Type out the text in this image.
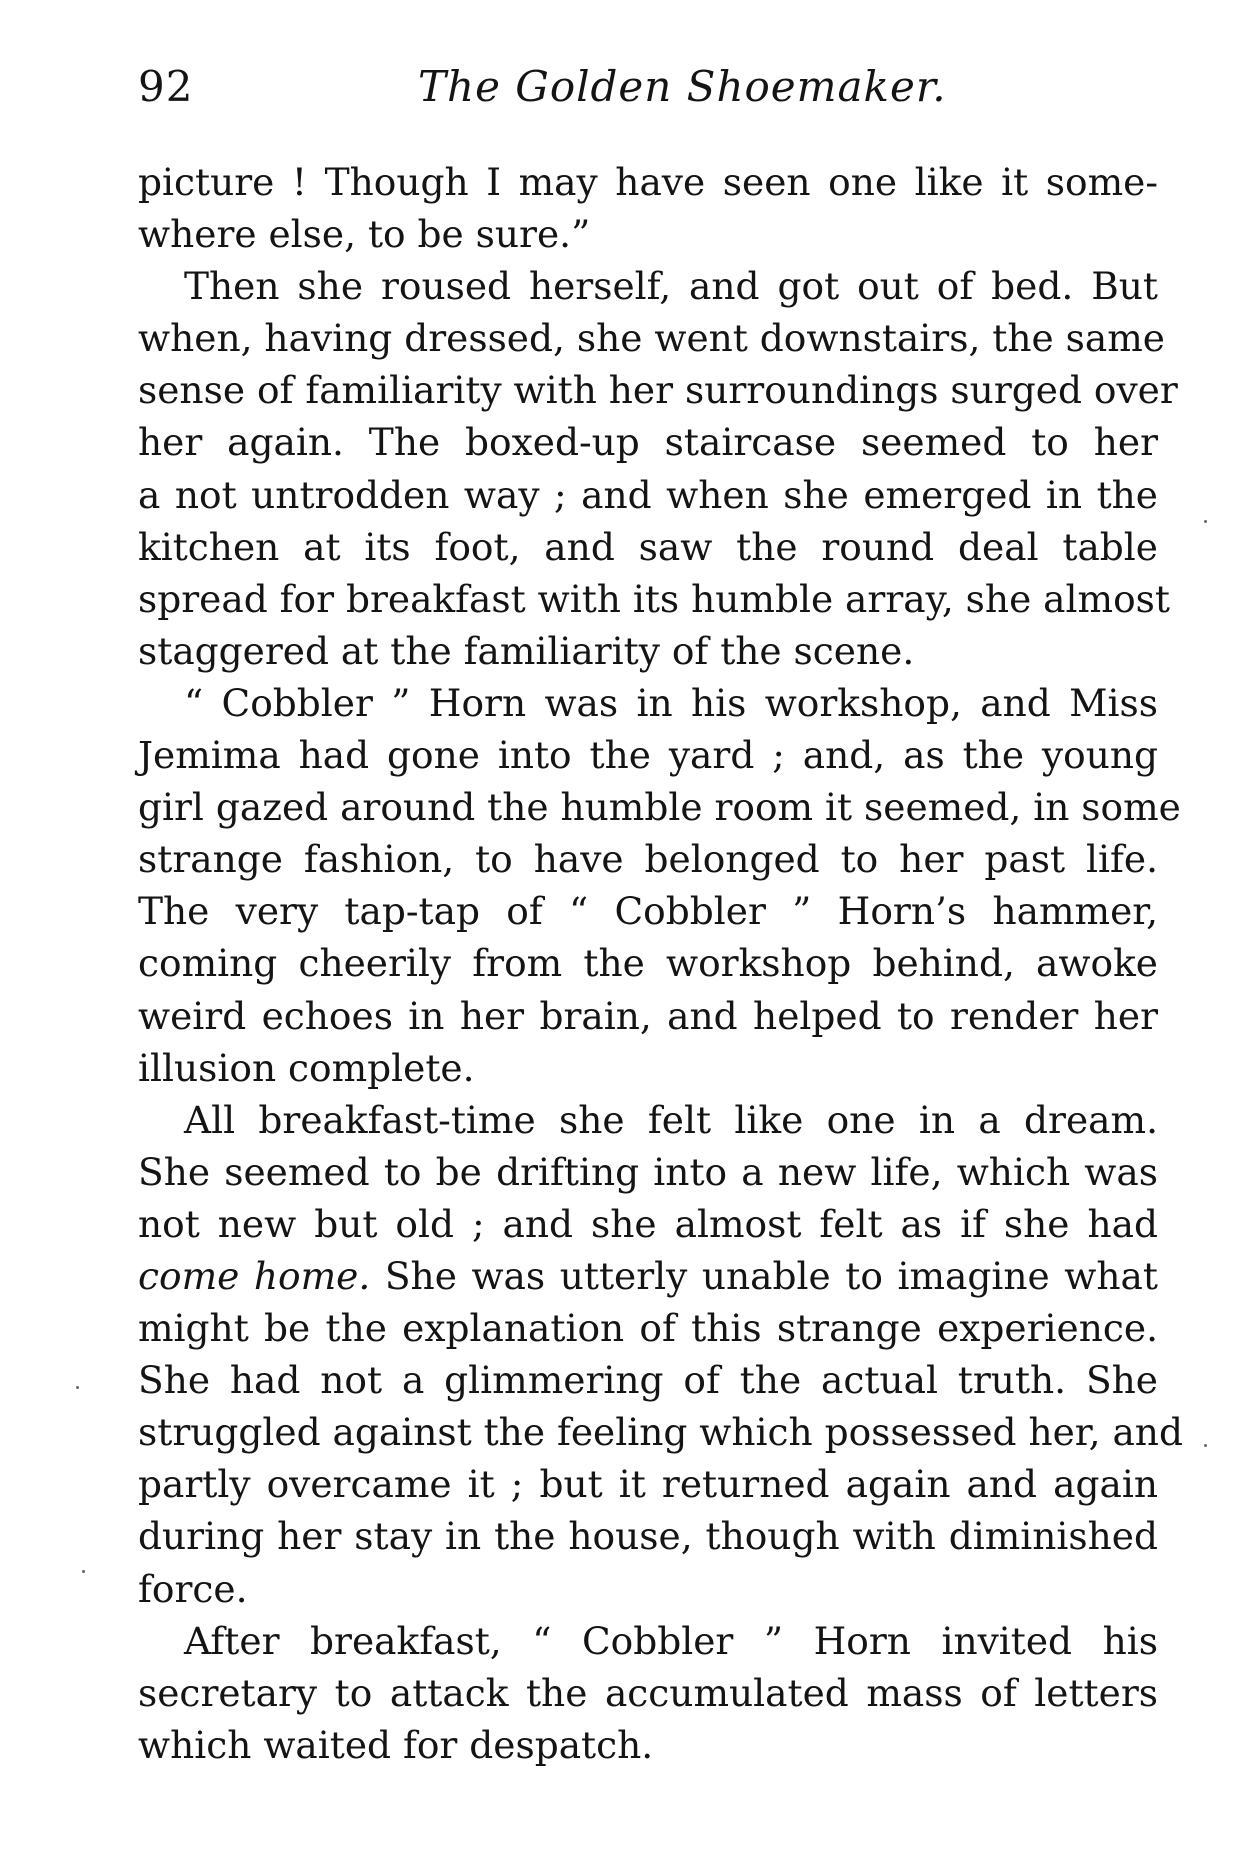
92	The Golden Shoemaker.
picture ! Though I may have seen one like it some-
where else, to be sure.”
Then she roused herself, and got out of bed. But
when, having dressed, she went downstairs, the same
sense of familiarity with her surroundings surged over
her again. The boxed-up staircase seemed to her
a not untrodden way ; and when she emerged in the
kitchen at its foot, and saw the round deal table
spread for breakfast with its humble array, she almost
staggered at the familiarity of the scene.
“ Cobbler ” Horn was in his workshop, and Miss
Jemima had gone into the yard ; and, as the young
girl gazed around the humble room it seemed, in some
strange fashion, to have belonged to her past life.
The very tap-tap of “ Cobbler ” Horn’s hammer,
coming cheerily from the workshop behind, awoke
weird echoes in her brain, and helped to render her
illusion complete.
All breakfast-time she felt like one in a dream.
She seemed to be drifting into a new life, which was
not new but old ; and she almost felt as if she had
come home. She was utterly unable to imagine what
might be the explanation of this strange experience.
She had not a glimmering of the actual truth. She
struggled against the feeling which possessed her, and
partly overcame it ; but it returned again and again
during her stay in the house, though with diminished
force.
After breakfast, “ Cobbler ” Horn invited his
secretary to attack the accumulated mass of letters
which waited for despatch.
